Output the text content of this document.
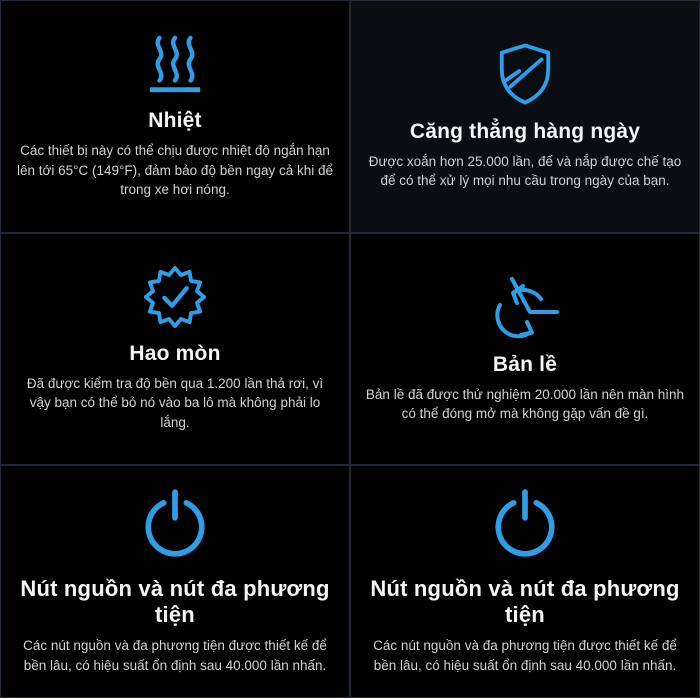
Nhiệt

Các thiết bị này có thể chịu được nhiệt độ ngắn hạn lên tới 65°C (149°F), đảm bảo độ bền ngay cả khi để trong xe hơi nóng.

Căng thẳng hàng ngày

Được xoắn hơn 25.000 lần, đế và nắp được chế tạo để có thể xử lý mọi nhu cầu trong ngày của bạn.

Hao mòn

Đã được kiểm tra độ bền qua 1.200 lần thả rơi, vì vậy bạn có thể bỏ nó vào ba lô mà không phải lo lắng.

Bản lề

Bản lề đã được thử nghiệm 20.000 lần nên màn hình có thể đóng mở mà không gặp vấn đề gì.

Nút nguồn và nút đa phương tiện

Các nút nguồn và đa phương tiện được thiết kế để bền lâu, có hiệu suất ổn định sau 40.000 lần nhấn.

Nút nguồn và nút đa phương tiện

Các nút nguồn và đa phương tiện được thiết kế để bền lâu, có hiệu suất ổn định sau 40.000 lần nhấn.
